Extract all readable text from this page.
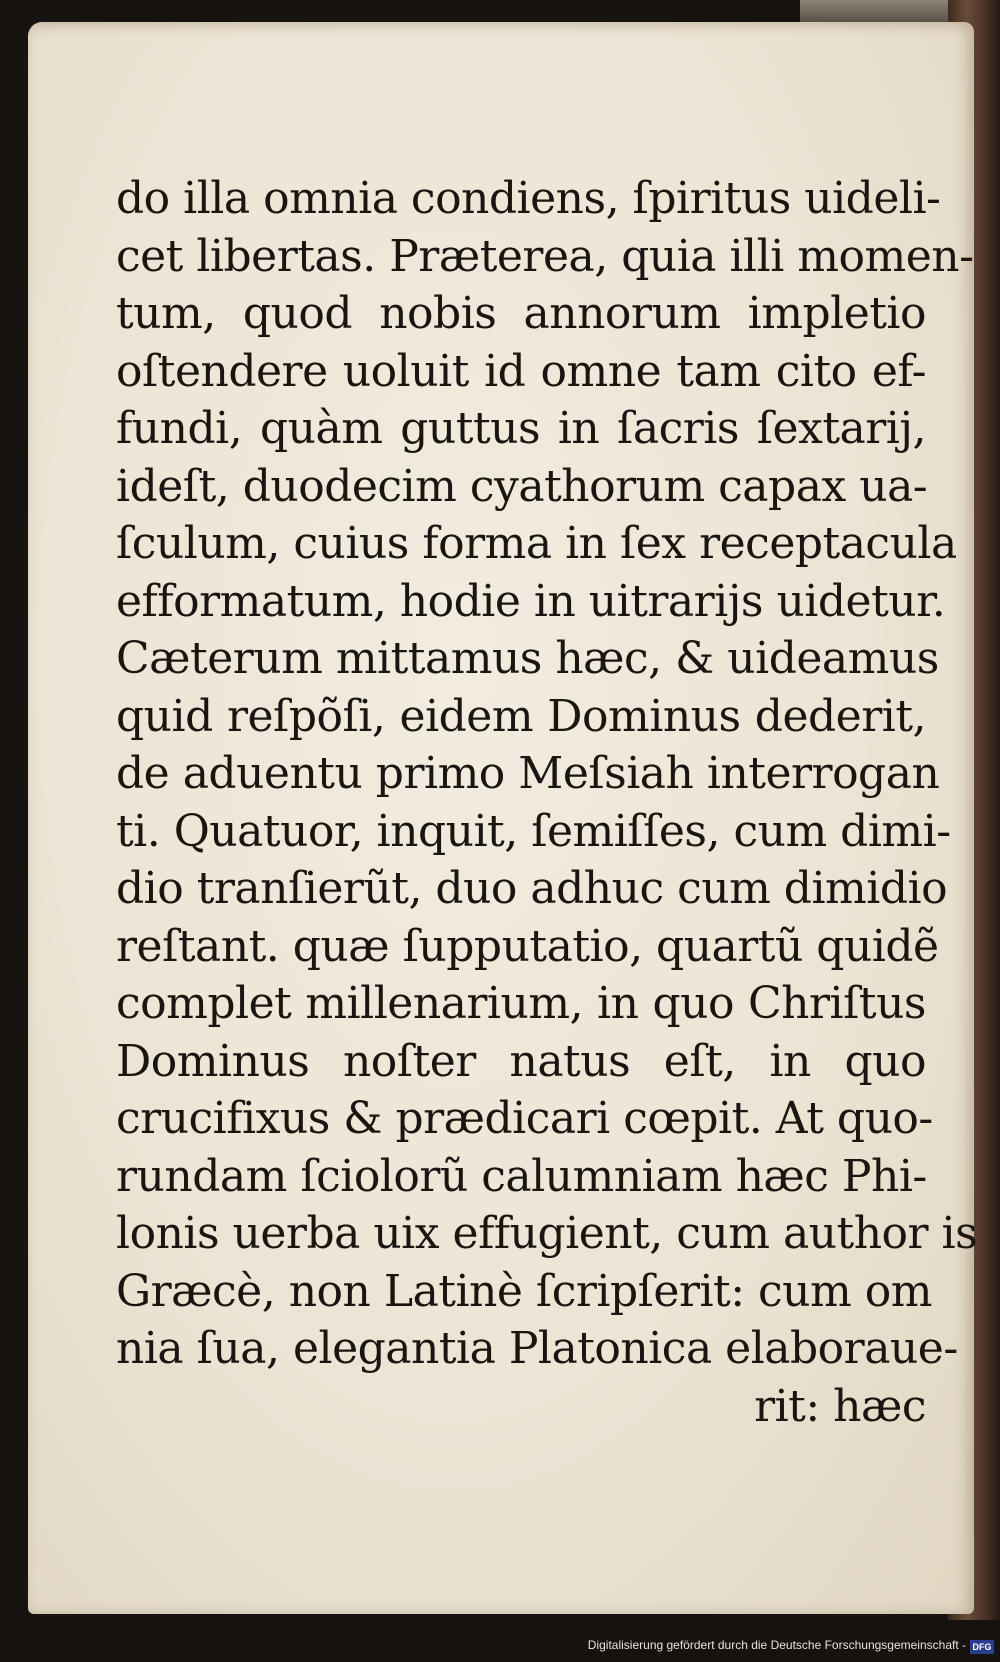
do illa omnia condiens, ſpiritus uideli-
cet libertas. Præterea, quia illi momen-
tum, quod nobis annorum impletio
oſtendere uoluit id omne tam cito ef-
fundi, quàm guttus in ſacris ſextarij,
ideſt, duodecim cyathorum capax ua-
ſculum, cuius forma in ſex receptacula
efformatum, hodie in uitrarijs uidetur.
Cæterum mittamus hæc, & uideamus
quid reſpõſi, eidem Dominus dederit,
de aduentu primo Meſsiah interrogan
ti. Quatuor, inquit, ſemiſſes, cum dimi-
dio tranſierũt, duo adhuc cum dimidio
reſtant. quæ ſupputatio, quartũ quidẽ
complet millenarium, in quo Chriſtus
Dominus noſter natus eſt, in quo
crucifixus & prædicari cœpit. At quo-
rundam ſciolorũ calumniam hæc Phi-
lonis uerba uix effugient, cum author is
Græcè, non Latinè ſcripſerit: cum om
nia ſua, elegantia Platonica elaboraue-
rit: hæc
Digitalisierung gefördert durch die Deutsche Forschungsgemeinschaft - DFG
